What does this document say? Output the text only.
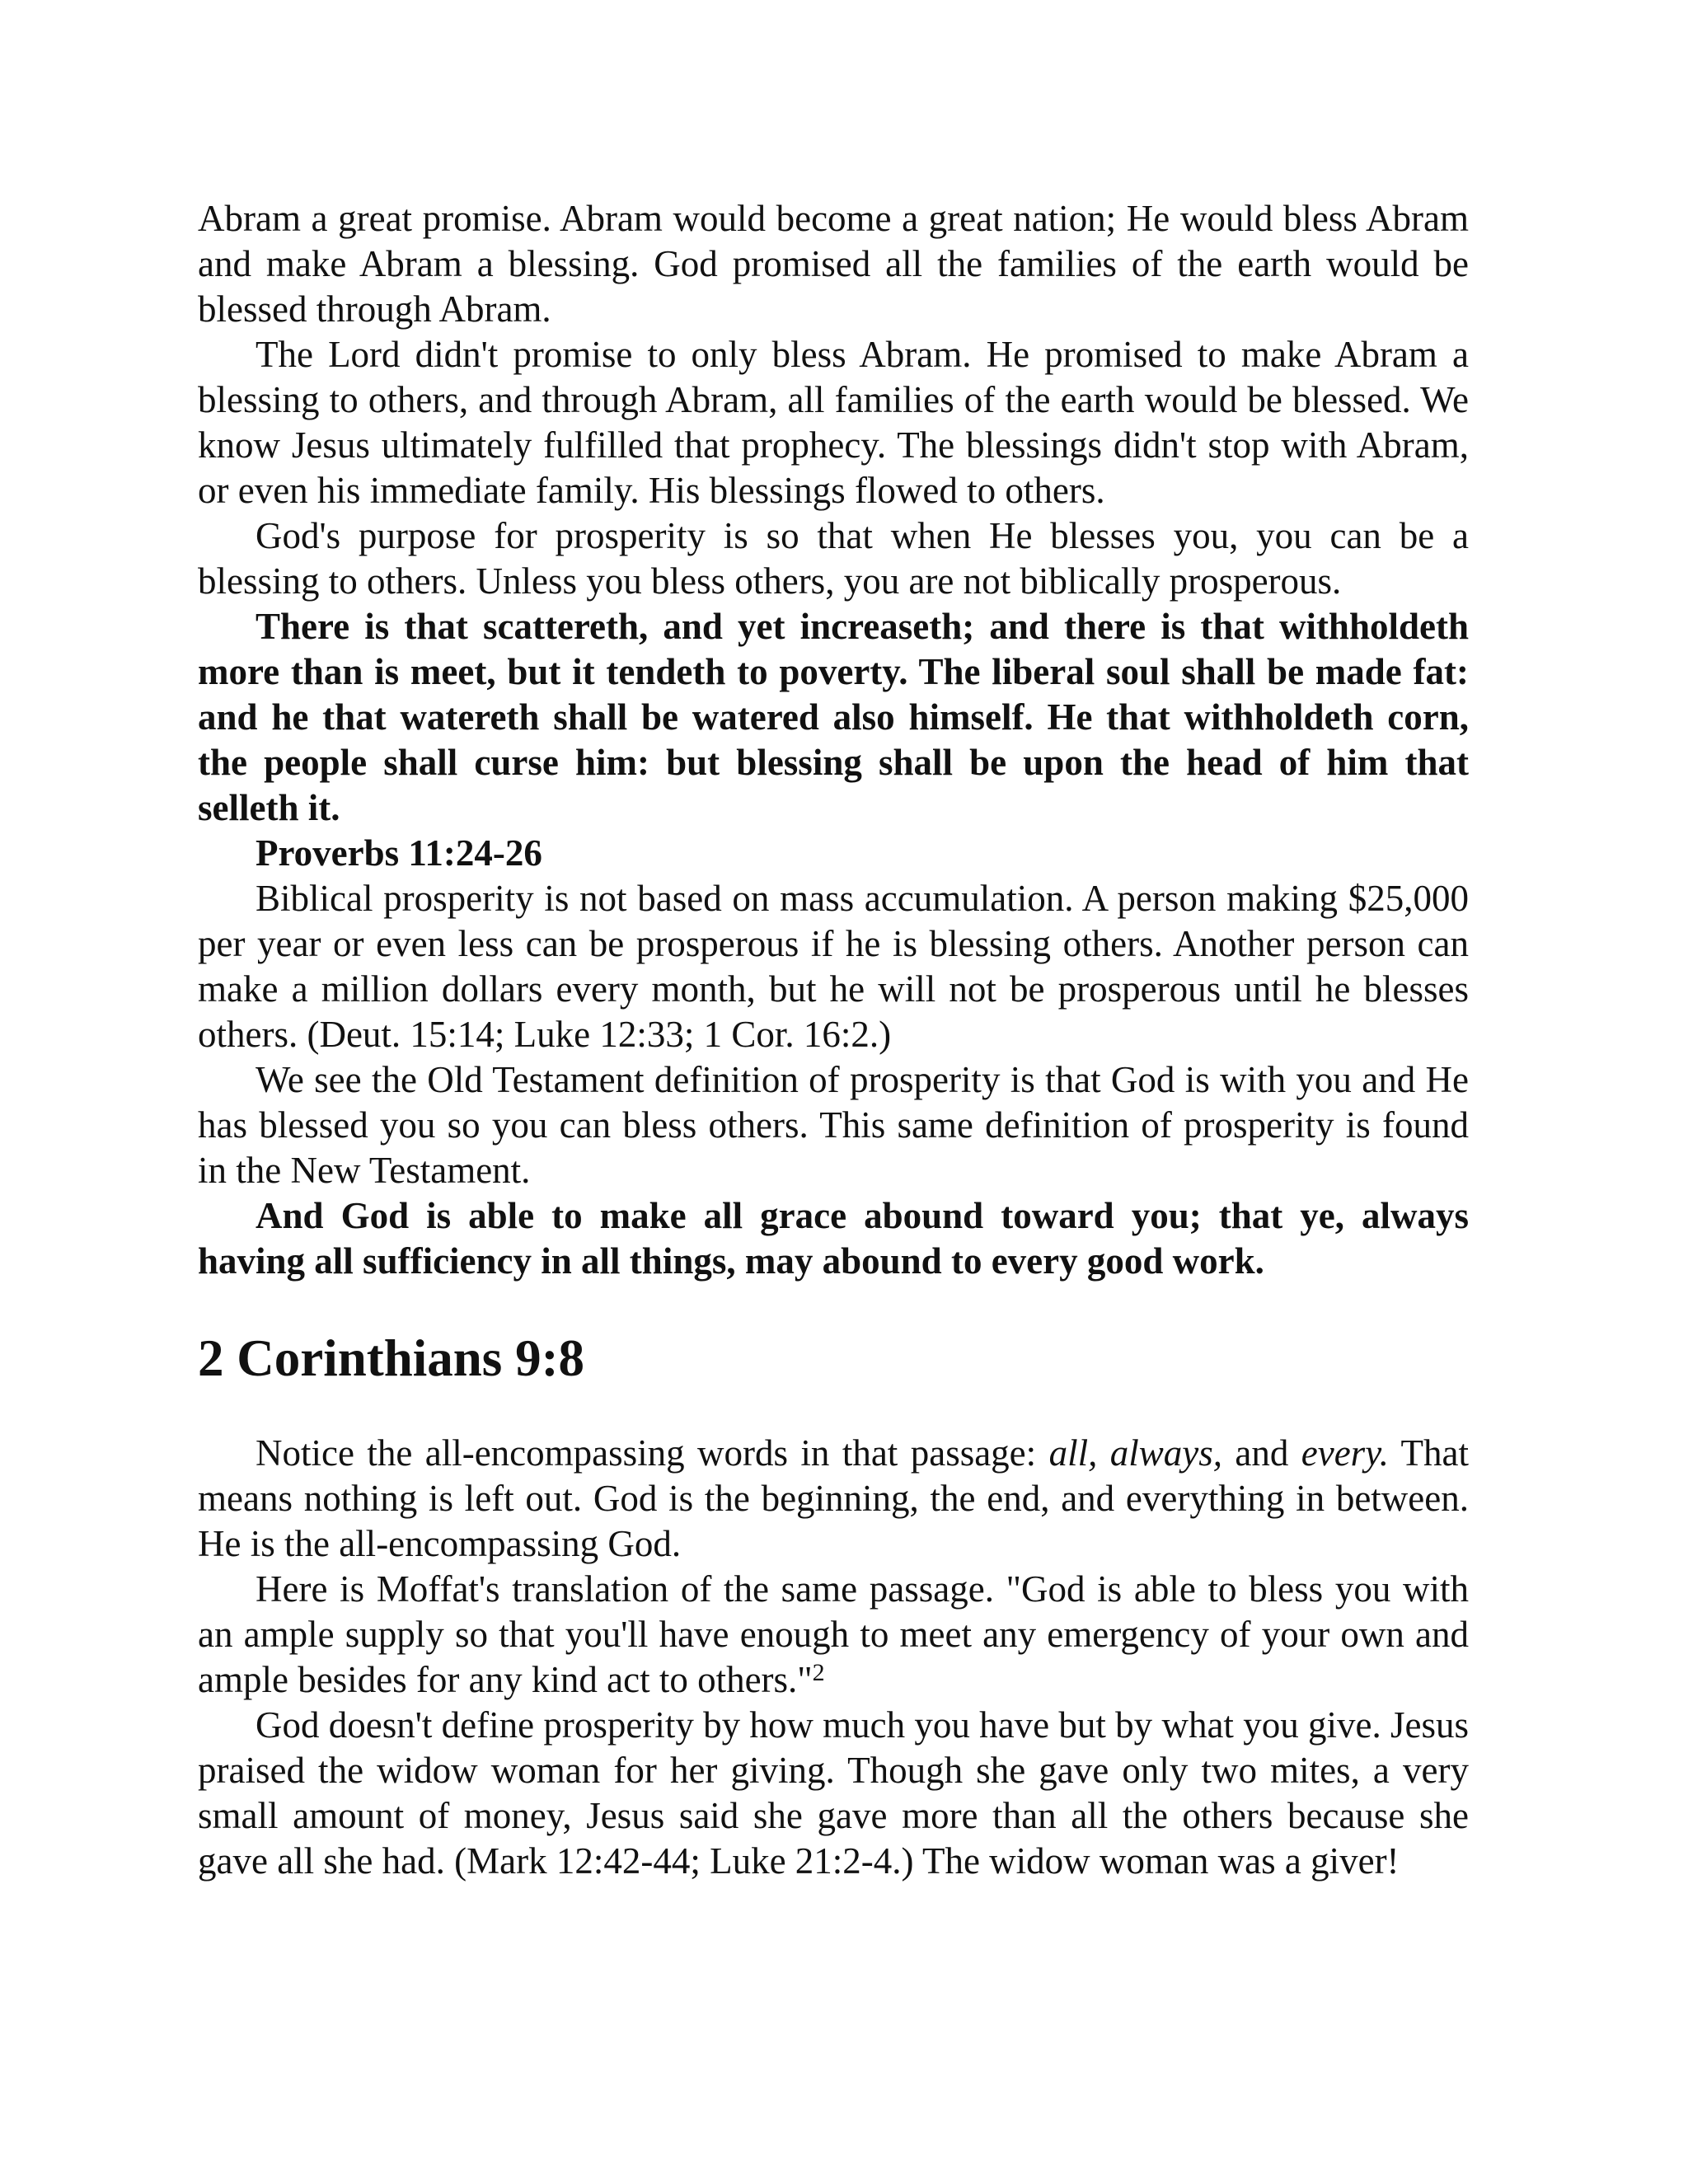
Abram a great promise. Abram would become a great nation; He would bless Abram and make Abram a blessing. God promised all the families of the earth would be blessed through Abram.

The Lord didn't promise to only bless Abram. He promised to make Abram a blessing to others, and through Abram, all families of the earth would be blessed. We know Jesus ultimately fulfilled that prophecy. The blessings didn't stop with Abram, or even his immediate family. His blessings flowed to others.

God's purpose for prosperity is so that when He blesses you, you can be a blessing to others. Unless you bless others, you are not biblically prosperous.

There is that scattereth, and yet increaseth; and there is that withholdeth more than is meet, but it tendeth to poverty. The liberal soul shall be made fat: and he that watereth shall be watered also himself. He that withholdeth corn, the people shall curse him: but blessing shall be upon the head of him that selleth it.

Proverbs 11:24-26

Biblical prosperity is not based on mass accumulation. A person making $25,000 per year or even less can be prosperous if he is blessing others. Another person can make a million dollars every month, but he will not be prosperous until he blesses others. (Deut. 15:14; Luke 12:33; 1 Cor. 16:2.)

We see the Old Testament definition of prosperity is that God is with you and He has blessed you so you can bless others. This same definition of prosperity is found in the New Testament.

And God is able to make all grace abound toward you; that ye, always having all sufficiency in all things, may abound to every good work.

2 Corinthians 9:8

Notice the all-encompassing words in that passage: all, always, and every. That means nothing is left out. God is the beginning, the end, and everything in between. He is the all-encompassing God.

Here is Moffat's translation of the same passage. "God is able to bless you with an ample supply so that you'll have enough to meet any emergency of your own and ample besides for any kind act to others."$^2$

God doesn't define prosperity by how much you have but by what you give. Jesus praised the widow woman for her giving. Though she gave only two mites, a very small amount of money, Jesus said she gave more than all the others because she gave all she had. (Mark 12:42-44; Luke 21:2-4.) The widow woman was a giver!
